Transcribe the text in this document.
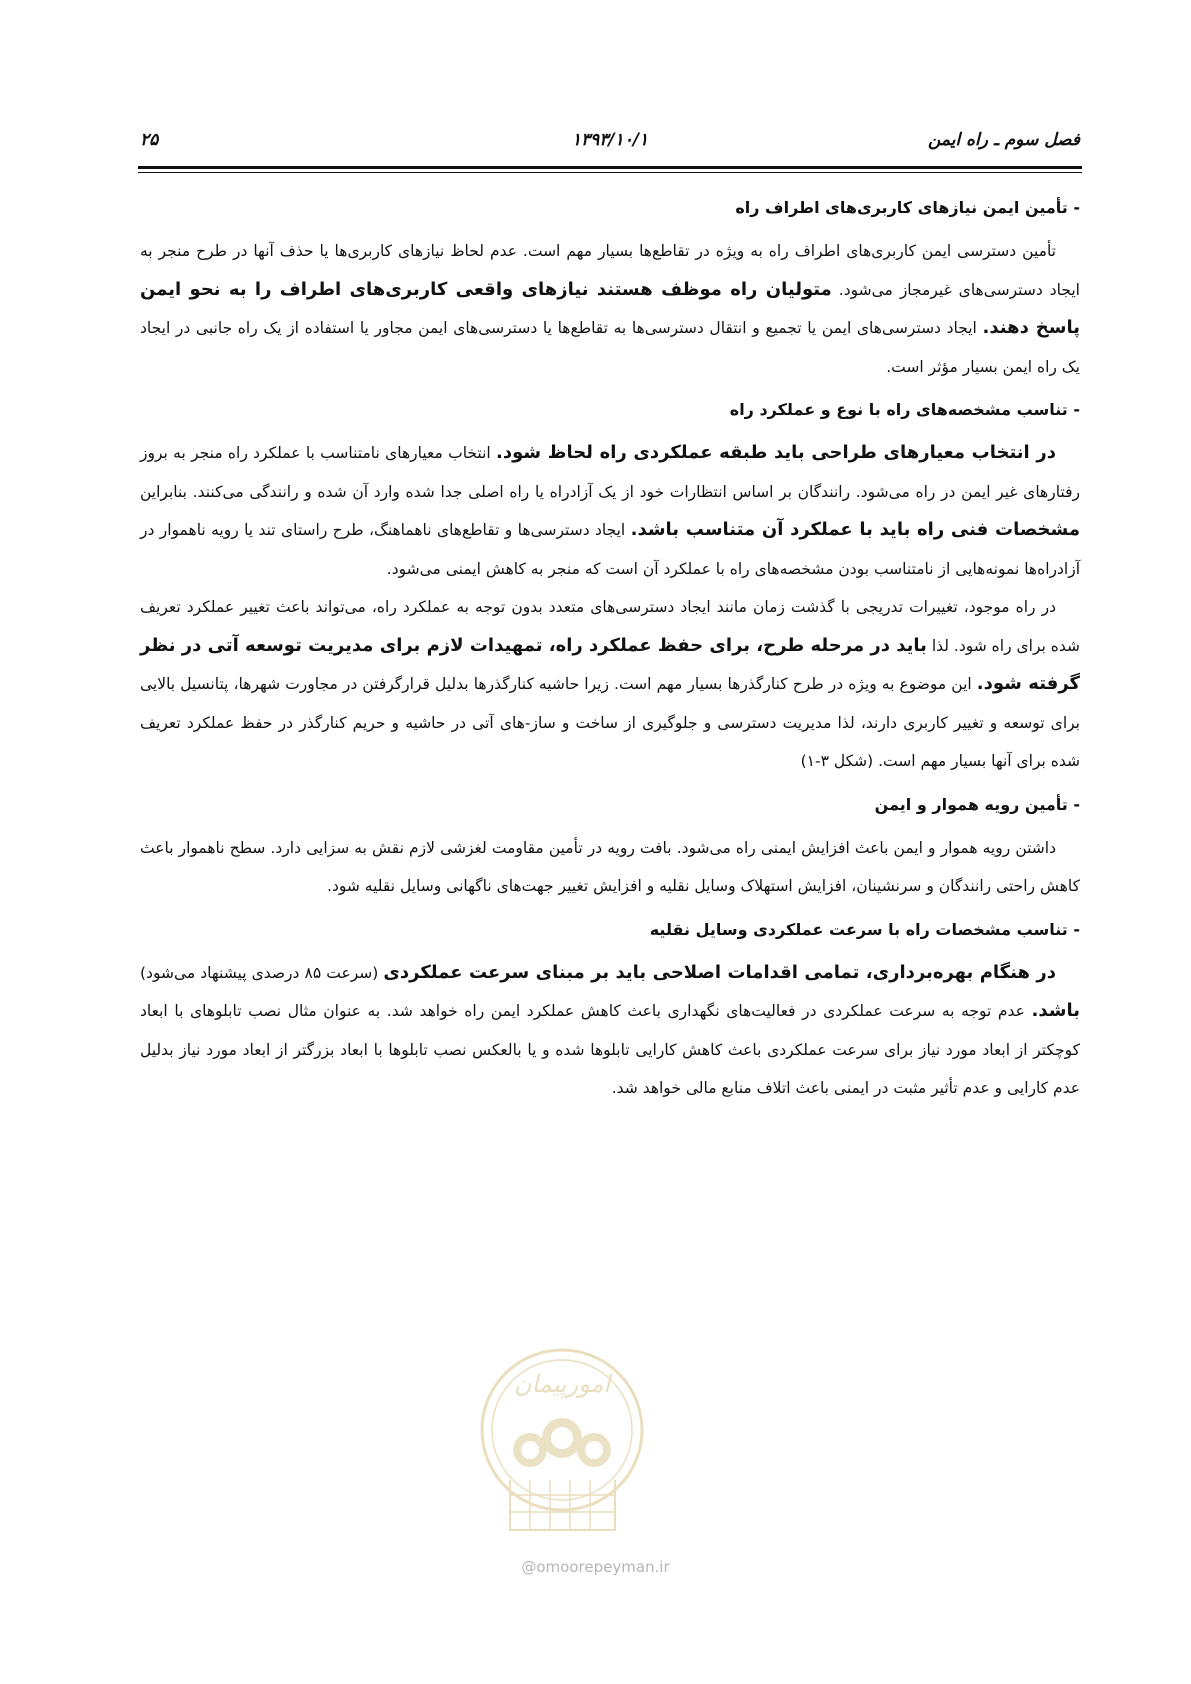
فصل سوم ـ راه ایمن
۱۳۹۳/۱۰/۱
۲۵
- تأمین ایمن نیازهای کاربری‌های اطراف راه

تأمین دسترسی ایمن کاربری‌های اطراف راه به ویژه در تقاطع‌ها بسیار مهم است. عدم لحاظ نیازهای کاربری‌ها یا حذف آنها در طرح منجر به ایجاد دسترسی‌های غیرمجاز می‌شود. متولیان راه موظف هستند نیازهای واقعی کاربری‌های اطراف را به نحو ایمن پاسخ دهند. ایجاد دسترسی‌های ایمن یا تجمیع و انتقال دسترسی‌ها به تقاطع‌ها یا دسترسی‌های ایمن مجاور یا استفاده از یک راه جانبی در ایجاد یک راه ایمن بسیار مؤثر است.

- تناسب مشخصه‌های راه با نوع و عملکرد راه

در انتخاب معیارهای طراحی باید طبقه عملکردی راه لحاظ شود. انتخاب معیارهای نامتناسب با عملکرد راه منجر به بروز رفتارهای غیر ایمن در راه می‌شود. رانندگان بر اساس انتظارات خود از یک آزادراه یا راه اصلی جدا شده وارد آن شده و رانندگی می‌کنند. بنابراین مشخصات فنی راه باید با عملکرد آن متناسب باشد. ایجاد دسترسی‌ها و تقاطع‌های ناهماهنگ، طرح راستای تند یا رویه ناهموار در آزادراه‌ها نمونه‌هایی از نامتناسب بودن مشخصه‌های راه با عملکرد آن است که منجر به کاهش ایمنی می‌شود.

در راه موجود، تغییرات تدریجی با گذشت زمان مانند ایجاد دسترسی‌های متعدد بدون توجه به عملکرد راه، می‌تواند باعث تغییر عملکرد تعریف شده برای راه شود. لذا باید در مرحله طرح، برای حفظ عملکرد راه، تمهیدات لازم برای مدیریت توسعه آتی در نظر گرفته شود. این موضوع به ویژه در طرح کنارگذرها بسیار مهم است. زیرا حاشیه کنارگذرها بدلیل قرارگرفتن در مجاورت شهرها، پتانسیل بالایی برای توسعه و تغییر کاربری دارند، لذا مدیریت دسترسی و جلوگیری از ساخت و ساز-های آتی در حاشیه و حریم کنارگذر در حفظ عملکرد تعریف شده برای آنها بسیار مهم است. (شکل ۳-۱)

- تأمین رویه هموار و ایمن

داشتن رویه هموار و ایمن باعث افزایش ایمنی راه می‌شود. بافت رویه در تأمین مقاومت لغزشی لازم نقش به سزایی دارد. سطح ناهموار باعث کاهش راحتی رانندگان و سرنشینان، افزایش استهلاک وسایل نقلیه و افزایش تغییر جهت‌های ناگهانی وسایل نقلیه شود.

- تناسب مشخصات راه با سرعت عملکردی وسایل نقلیه

در هنگام بهره‌برداری، تمامی اقدامات اصلاحی باید بر مبنای سرعت عملکردی (سرعت ۸۵ درصدی پیشنهاد می‌شود) باشد. عدم توجه به سرعت عملکردی در فعالیت‌های نگهداری باعث کاهش عملکرد ایمن راه خواهد شد. به عنوان مثال نصب تابلوهای با ابعاد کوچکتر از ابعاد مورد نیاز برای سرعت عملکردی باعث کاهش کارایی تابلوها شده و یا بالعکس نصب تابلوها با ابعاد بزرگتر از ابعاد مورد نیاز بدلیل عدم کارایی و عدم تأثیر مثبت در ایمنی باعث اتلاف منابع مالی خواهد شد.

امورپیمان
@omoorepeyman.ir
